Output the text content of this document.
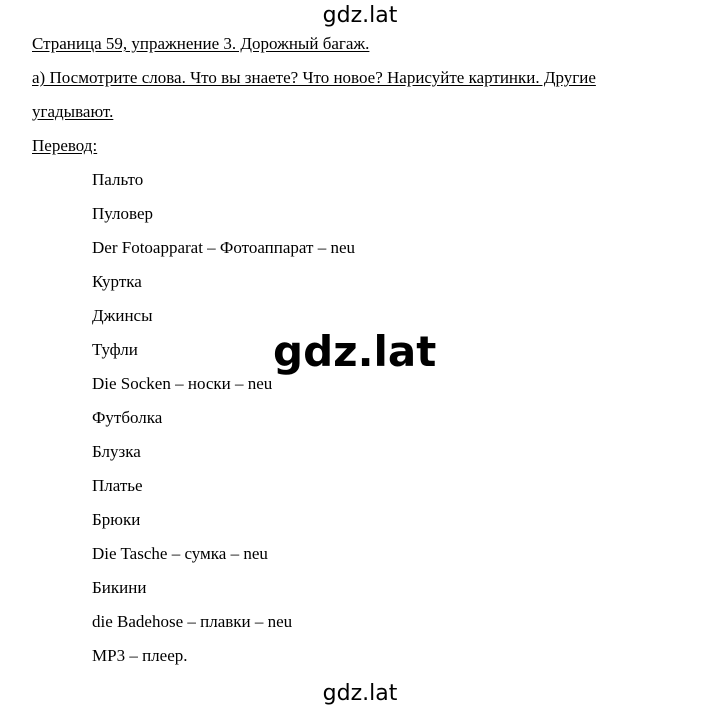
gdz.lat
Страница 59, упражнение 3. Дорожный багаж.
а) Посмотрите слова. Что вы знаете? Что новое? Нарисуйте картинки. Другие
угадывают.
Перевод:
Пальто
Пуловер
Der Fotoapparat – Фотоаппарат – neu
Куртка
Джинсы
Туфли
Die Socken – носки – neu
Футболка
Блузка
Платье
Брюки
Die Tasche – сумка – neu
Бикини
die Badehose – плавки – neu
MP3 – плеер.
gdz.lat
gdz.lat
